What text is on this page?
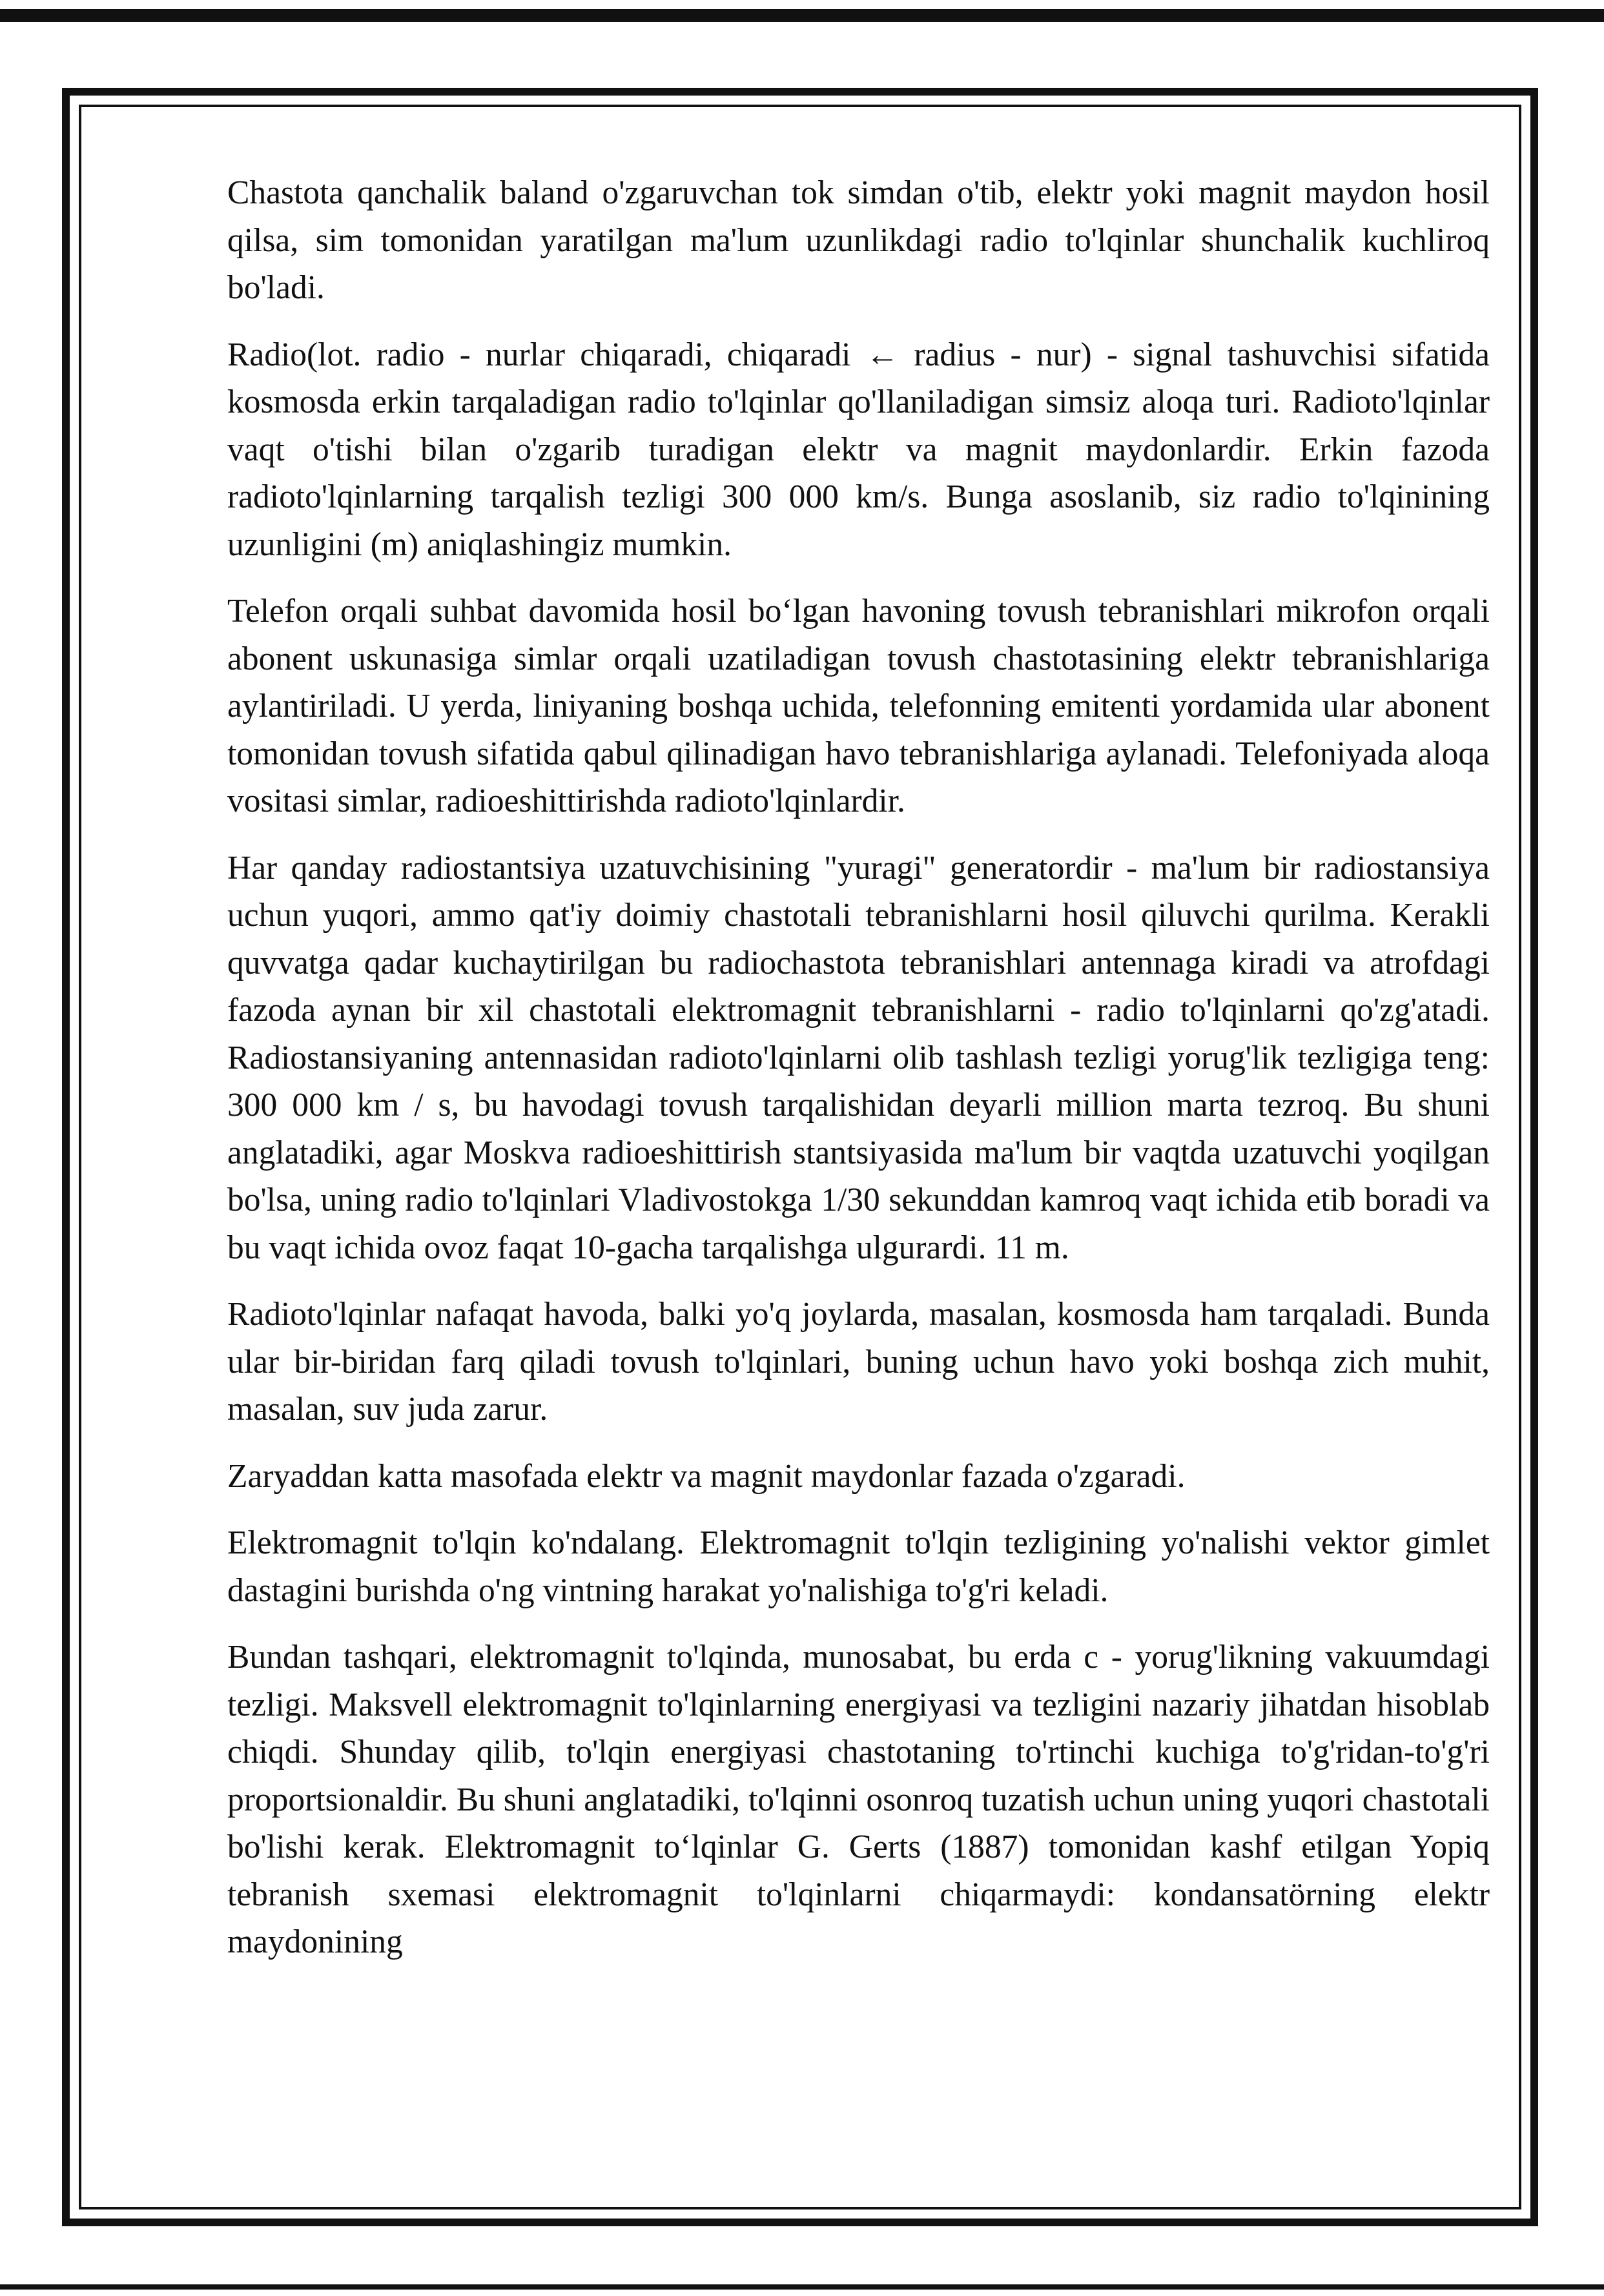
Chastota qanchalik baland o'zgaruvchan tok simdan o'tib, elektr yoki magnit maydon hosil qilsa, sim tomonidan yaratilgan ma'lum uzunlikdagi radio to'lqinlar shunchalik kuchliroq bo'ladi.

Radio(lot. radio - nurlar chiqaradi, chiqaradi ← radius - nur) - signal tashuvchisi sifatida kosmosda erkin tarqaladigan radio to'lqinlar qo'llaniladigan simsiz aloqa turi. Radioto'lqinlar vaqt o'tishi bilan o'zgarib turadigan elektr va magnit maydonlardir. Erkin fazoda radioto'lqinlarning tarqalish tezligi 300 000 km/s. Bunga asoslanib, siz radio to'lqinining uzunligini (m) aniqlashingiz mumkin.

Telefon orqali suhbat davomida hosil bo‘lgan havoning tovush tebranishlari mikrofon orqali abonent uskunasiga simlar orqali uzatiladigan tovush chastotasining elektr tebranishlariga aylantiriladi. U yerda, liniyaning boshqa uchida, telefonning emitenti yordamida ular abonent tomonidan tovush sifatida qabul qilinadigan havo tebranishlariga aylanadi. Telefoniyada aloqa vositasi simlar, radioeshittirishda radioto'lqinlardir.

Har qanday radiostantsiya uzatuvchisining "yuragi" generatordir - ma'lum bir radiostansiya uchun yuqori, ammo qat'iy doimiy chastotali tebranishlarni hosil qiluvchi qurilma. Kerakli quvvatga qadar kuchaytirilgan bu radiochastota tebranishlari antennaga kiradi va atrofdagi fazoda aynan bir xil chastotali elektromagnit tebranishlarni - radio to'lqinlarni qo'zg'atadi. Radiostansiyaning antennasidan radioto'lqinlarni olib tashlash tezligi yorug'lik tezligiga teng: 300 000 km / s, bu havodagi tovush tarqalishidan deyarli million marta tezroq. Bu shuni anglatadiki, agar Moskva radioeshittirish stantsiyasida ma'lum bir vaqtda uzatuvchi yoqilgan bo'lsa, uning radio to'lqinlari Vladivostokga 1/30 sekunddan kamroq vaqt ichida etib boradi va bu vaqt ichida ovoz faqat 10-gacha tarqalishga ulgurardi. 11 m.

Radioto'lqinlar nafaqat havoda, balki yo'q joylarda, masalan, kosmosda ham tarqaladi. Bunda ular bir-biridan farq qiladi tovush to'lqinlari, buning uchun havo yoki boshqa zich muhit, masalan, suv juda zarur.

Zaryaddan katta masofada elektr va magnit maydonlar fazada o'zgaradi.

Elektromagnit to'lqin ko'ndalang. Elektromagnit to'lqin tezligining yo'nalishi vektor gimlet dastagini burishda o'ng vintning harakat yo'nalishiga to'g'ri keladi.

Bundan tashqari, elektromagnit to'lqinda, munosabat, bu erda c - yorug'likning vakuumdagi tezligi. Maksvell elektromagnit to'lqinlarning energiyasi va tezligini nazariy jihatdan hisoblab chiqdi. Shunday qilib, to'lqin energiyasi chastotaning to'rtinchi kuchiga to'g'ridan-to'g'ri proportsionaldir. Bu shuni anglatadiki, to'lqinni osonroq tuzatish uchun uning yuqori chastotali bo'lishi kerak. Elektromagnit to‘lqinlar G. Gerts (1887) tomonidan kashf etilgan Yopiq tebranish sxemasi elektromagnit to'lqinlarni chiqarmaydi: kondansatörning elektr maydonining
